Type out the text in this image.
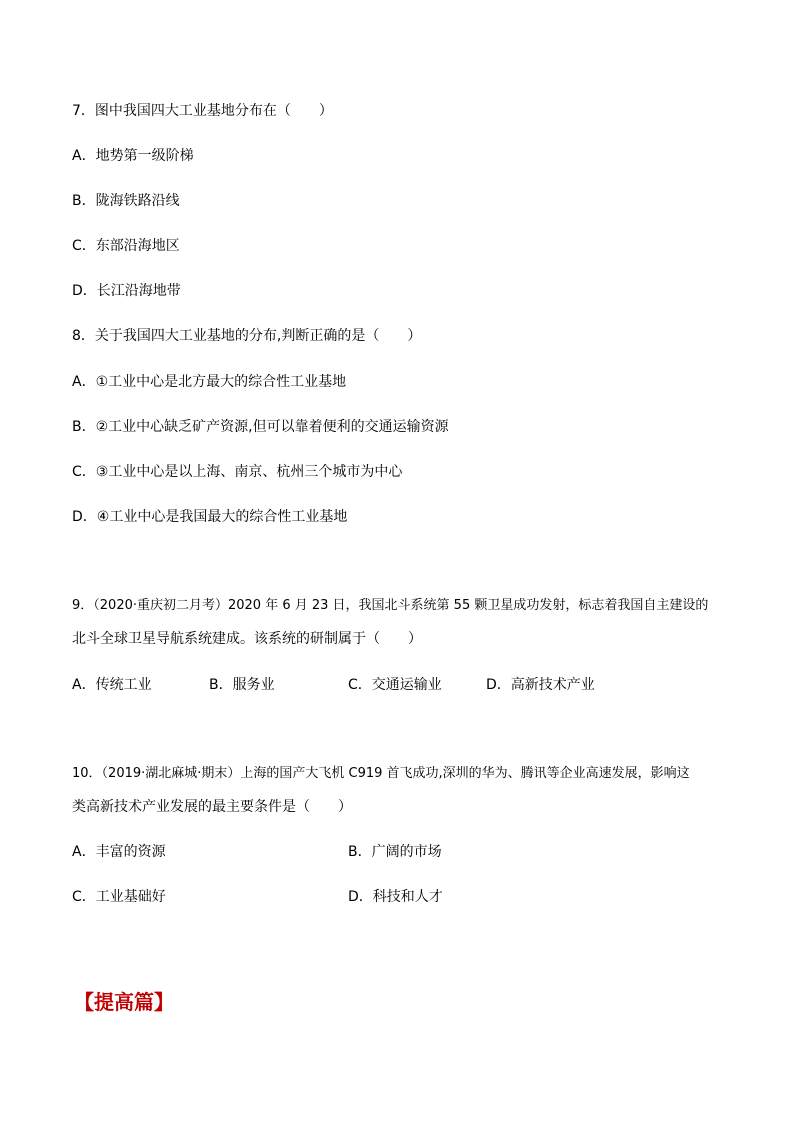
7．图中我国四大工业基地分布在（　　）
A．地势第一级阶梯
B．陇海铁路沿线
C．东部沿海地区
D．长江沿海地带
8．关于我国四大工业基地的分布,判断正确的是（　　）
A．①工业中心是北方最大的综合性工业基地
B．②工业中心缺乏矿产资源,但可以靠着便利的交通运输资源
C．③工业中心是以上海、南京、杭州三个城市为中心
D．④工业中心是我国最大的综合性工业基地
9．（2020·重庆初二月考）2020 年 6 月 23 日，我国北斗系统第 55 颗卫星成功发射，标志着我国自主建设的
北斗全球卫星导航系统建成。该系统的研制属于（　　）
A．传统工业	B．服务业	C．交通运输业	D．高新技术产业
10．（2019·湖北麻城·期末）上海的国产大飞机 C919 首飞成功,深圳的华为、腾讯等企业高速发展，影响这
类高新技术产业发展的最主要条件是（　　）
A．丰富的资源	B．广阔的市场
C．工业基础好	D．科技和人才
【提高篇】
